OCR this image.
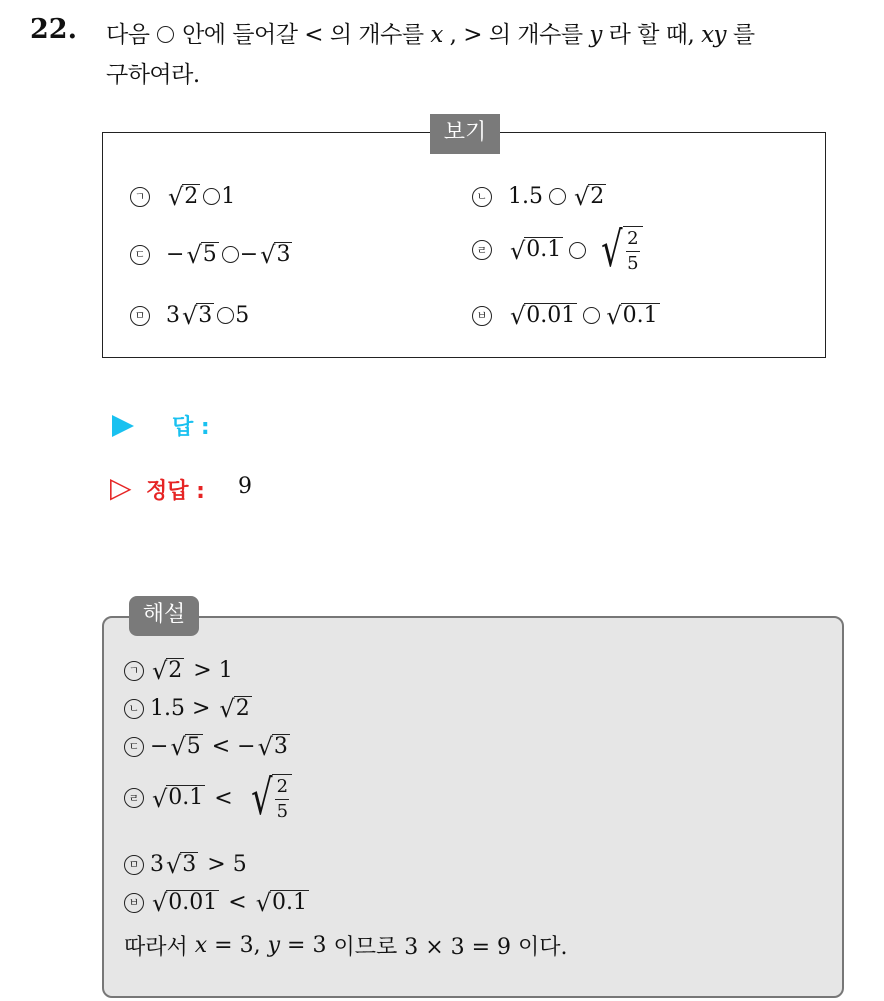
22. 다음 안에 들어갈 < 의 개수를 x , > 의 개수를 y 라 할 때, xy 를
구하여라.
보기
ㄱ √ 2 1	ㄴ 1.5 √ 2
ㄷ − √ 5 − √ 3	ㄹ √ 0.1 √ $\frac{2}{5}$
ㅁ 3 √ 3 5	ㅂ √ 0.01 √ 0.1
답 :
▷ 정답 : 9
해설
ㄱ √ 2 > 1
ㄴ 1.5 > √ 2
ㄷ − √ 5 < − √ 3
ㄹ √ 0.1 < √ $\frac{2}{5}$
ㅁ 3 √ 3 > 5
ㅂ √ 0.01 < √ 0.1
따라서 x = 3, y = 3 이므로 3 × 3 = 9 이다.
